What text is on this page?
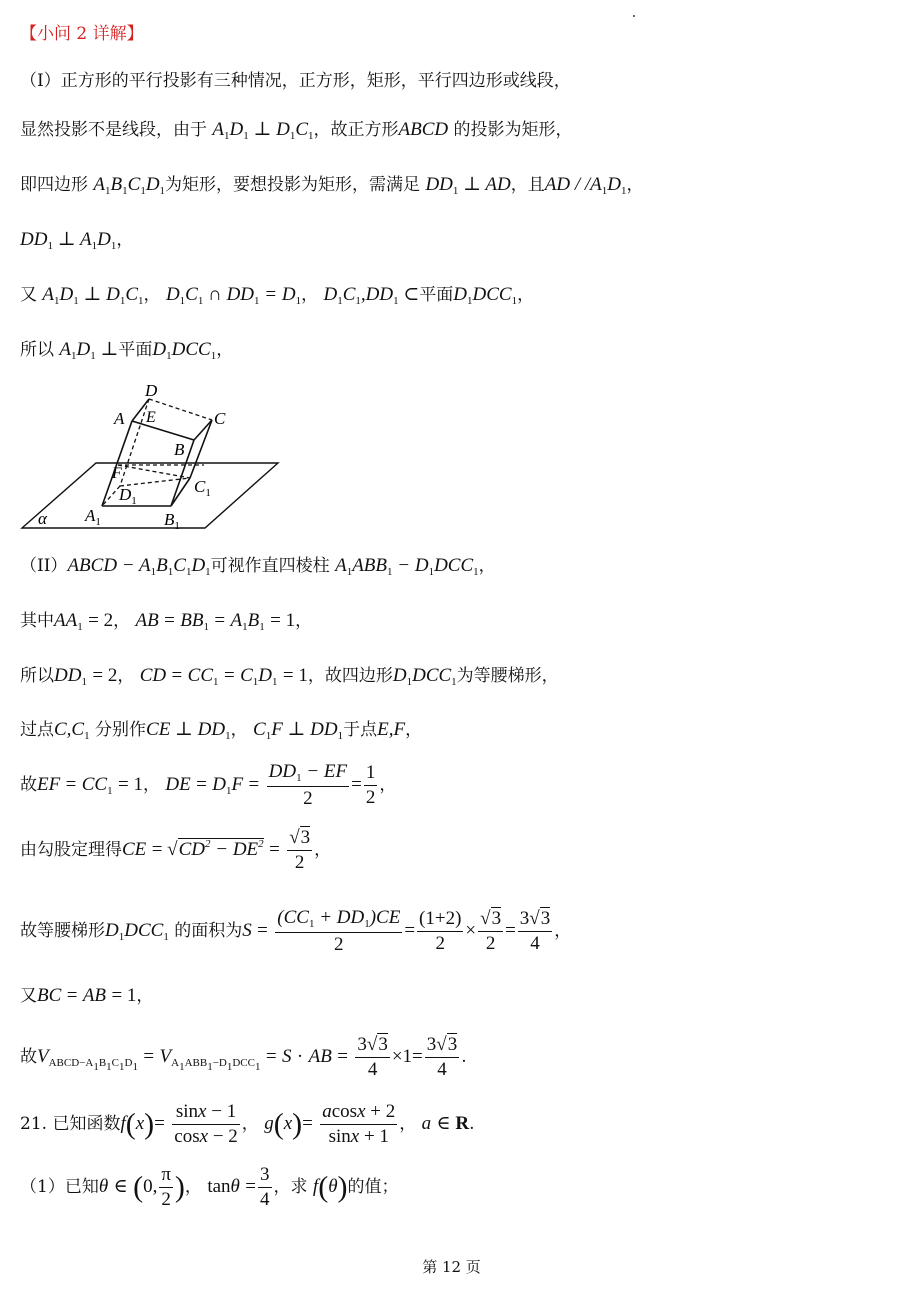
【小问 2 详解】
（I）正方形的平行投影有三种情况，正方形，矩形，平行四边形或线段，
显然投影不是线段，由于 $A_1D_1$ ⊥ $D_1C_1$，故正方形ABCD 的投影为矩形，
即四边形 $A_1B_1C_1D_1$为矩形，要想投影为矩形，需满足 $DD_1$ ⊥ AD，且AD / $/A_1D_1$，
$DD_1$ ⊥ $A_1D_1$，
又 $A_1D_1$ ⊥ $D_1C_1$， $D_1C_1$ ∩ $DD_1 = D_1$， $D_1C_1,DD_1$ ⊂平面$D_1DCC_1$，
所以 $A_1D_1$ ⊥平面$D_1DCC_1$，
D
A E	C
B
F
$D_1$
$C_1$
$A_1$	$B_1$
α
（II）ABCD − $A_1B_1C_1D_1$可视作直四棱柱 $A_1ABB_1 - D_1DCC_1$，
其中$AA_1 = 2$， AB = $BB_1 = A_1B_1 = 1$，
所以$DD_1 = 2$， CD = $CC_1 = C_1D_1 = 1$，故四边形$D_1DCC_1$为等腰梯形，
过点$C,C_1$ 分别作CE ⊥ $DD_1$， $C_1F$ ⊥ $DD_1$于点E,F，
故EF = $CC_1 = 1$， DE = $D_1F = \frac{DD_1 - EF}{2} = \frac{1}{2}$ ，
由勾股定理得CE = $√CD^2 - DE^2 = \frac{√3}{2}$ ，
故等腰梯形$D_1DCC_1$ 的面积为$S = \frac{(CC_1 + DD_1)CE}{2} = \frac{(1+2)}{2} \times \frac{√3}{2} = \frac{3√3}{4}$ ，
又BC = AB = 1，
故$V_{ABCD-A_1B_1C_1D_1} = V_{A_1ABB_1-D_1DCC_1} = S$ · AB = $\frac{3√3}{4} \times 1= \frac{3√3}{4}$ .
21. 已知函数$f(x)= \frac{\sin x - 1}{\cos x - 2}$ ， $g(x)= \frac{acosx + 2}{\sin x + 1}$ ， a ∈ R.
（1）已知θ ∈ (0, $\frac{\pi}{2}$ )， $\tan\theta = \frac{3}{4}$ ，求 f(θ)的值；
第 12 页
